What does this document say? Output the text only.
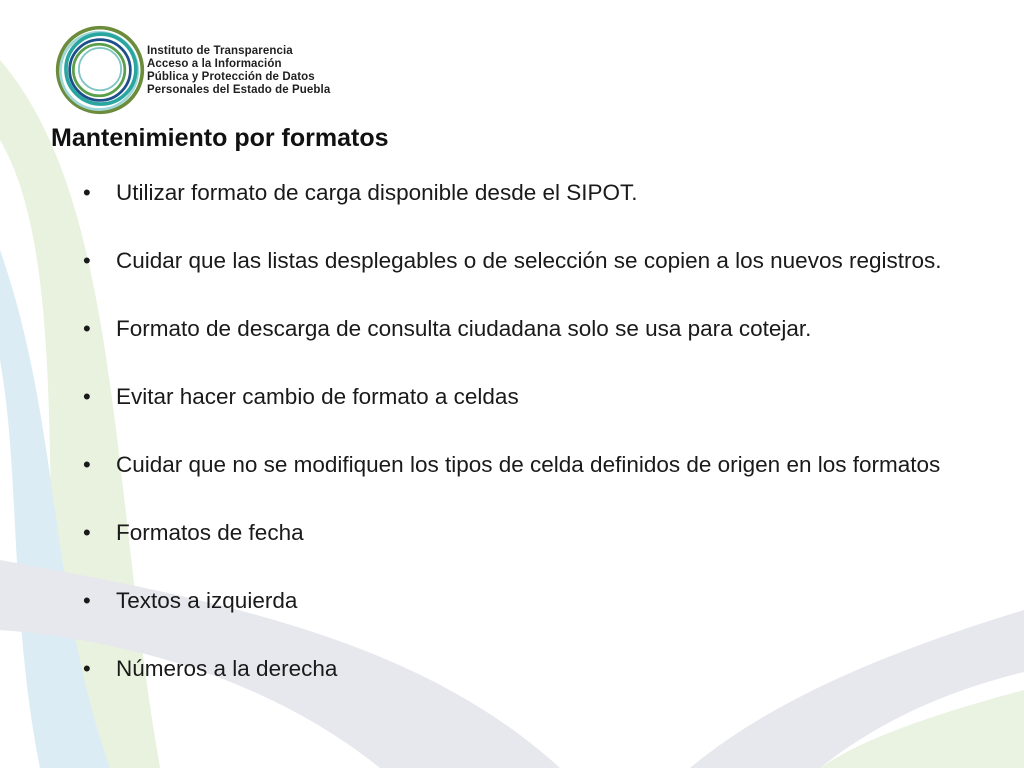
Instituto de Transparencia
Acceso a la Información
Pública y Protección de Datos
Personales del Estado de Puebla
Mantenimiento por formatos
• Utilizar formato de carga disponible desde el SIPOT.
• Cuidar que las listas desplegables o de selección se copien a los nuevos registros.
• Formato de descarga de consulta ciudadana solo se usa para cotejar.
• Evitar hacer cambio de formato a celdas
• Cuidar que no se modifiquen los tipos de celda definidos de origen en los formatos
• Formatos de fecha
• Textos a izquierda
• Números a la derecha
